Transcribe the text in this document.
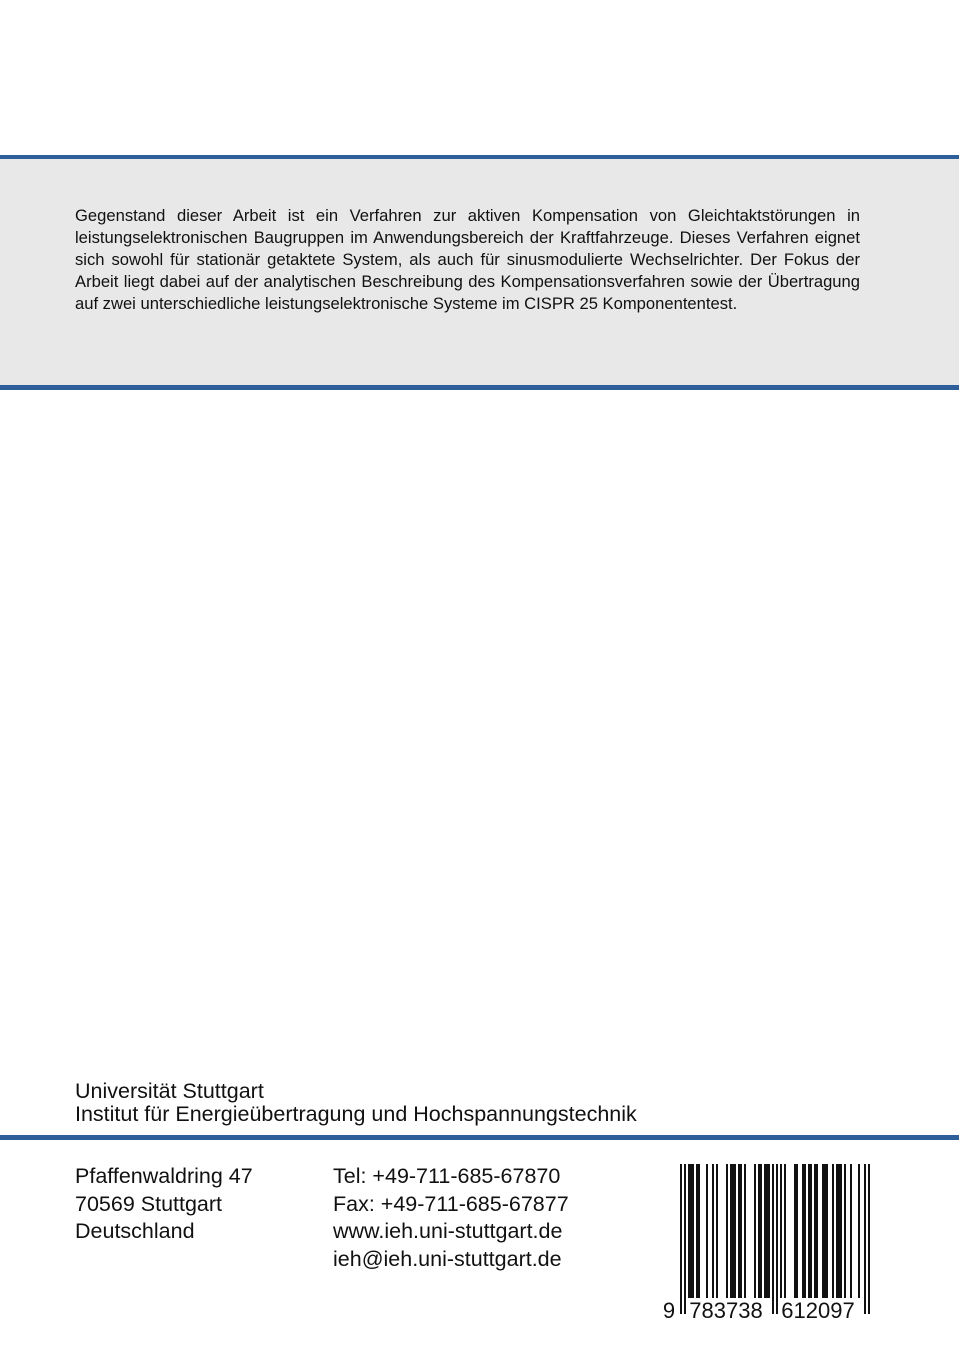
Gegenstand dieser Arbeit ist ein Verfahren zur aktiven Kompensation von Gleichtaktstörungen in leistungselektronischen Baugruppen im Anwendungsbereich der Kraftfahrzeuge. Dieses Verfahren eignet sich sowohl für stationär getaktete System, als auch für sinusmodulierte Wechselrichter. Der Fokus der Arbeit liegt dabei auf der analytischen Beschreibung des Kompensationsverfahren sowie der Übertragung auf zwei unterschiedliche leistungselektronische Systeme im CISPR 25 Komponententest.

Universität Stuttgart
Institut für Energieübertragung und Hochspannungstechnik
Pfaffenwaldring 47
70569 Stuttgart
Deutschland
Tel: +49-711-685-67870
Fax: +49-711-685-67877
www.ieh.uni-stuttgart.de
ieh@ieh.uni-stuttgart.de
9 783738 612097
